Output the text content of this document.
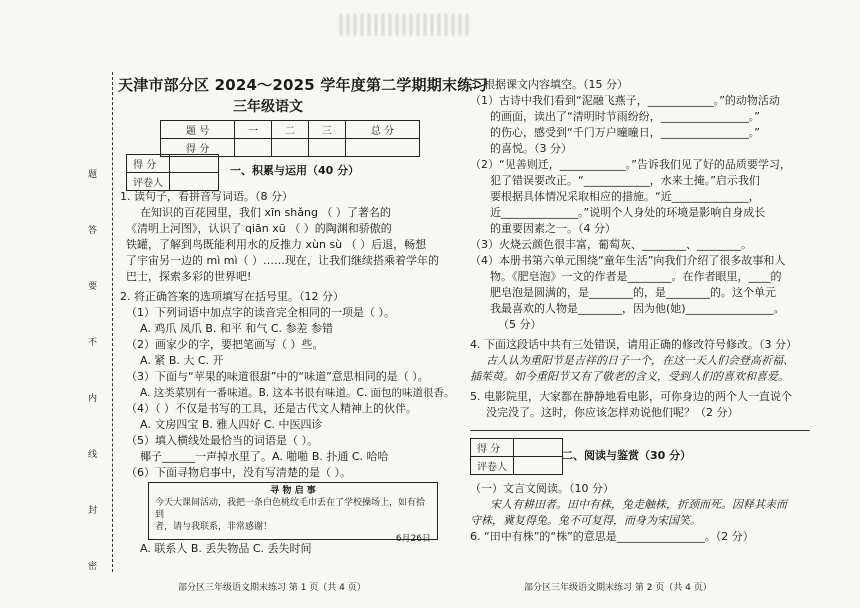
题
答
要
不
内
线
封
密
天津市部分区 2024～2025 学年度第二学期期末练习
三年级语文
题 号	一	二	三	总 分
得 分				
得 分	
评卷人	
一、积累与运用（40 分）
1. 读句子，看拼音写词语。（8 分）
在知识的百花园里，我们 xīn shǎng （ ）了著名的
《清明上河图》，认识了 qiān xū （ ）的陶渊和骄傲的
铁罐，了解到鸟既能利用水的反推力 xùn sù （ ）后退，畅想
了宇宙另一边的 mì mì（ ）……现在，让我们继续搭乘着学年的
巴士，探索多彩的世界吧!
2. 将正确答案的选项填写在括号里。（12 分）
（1）下列词语中加点字的读音完全相同的一项是（ ）。
A. 鸡爪 凤爪 B. 和平 和气 C. 参差 参错
（2）画家少的字，要把笔画写（ ）些。
A. 紧 B. 大 C. 开
（3）下面与“苹果的味道很甜”中的“味道”意思相同的是（ ）。
A. 这类菜别有一番味道。B. 这本书很有味道。C. 面包的味道很香。
（4）（ ）不仅是书写的工具，还是古代文人精神上的伙伴。
A. 文房四宝 B. 雅人四好 C. 中医四诊
（5）填入横线处最恰当的词语是（ ）。
椰子______一声掉水里了。A. 啪啪 B. 扑通 C. 哈哈
（6）下面寻物启事中，没有写清楚的是（ ）。
寻 物 启 事
今天大课间活动，我把一条白色桃纹毛巾丢在了学校操场上，如有拾到
者，请与我联系，非常感谢！
6月26日
A. 联系人 B. 丢失物品 C. 丢失时间
部分区三年级语文期末练习 第 1 页（共 4 页）
3. 根据课文内容填空。（15 分）
（1）古诗中我们看到“泥融飞燕子，____________。”的动物活动
的画面，读出了“清明时节雨纷纷，________________。”
的伤心，感受到“千门万户曈曈日，________________。”
的喜悦。（3 分）
（2）“见善则迁，____________。”告诉我们见了好的品质要学习，
犯了错误要改正。“____________，水来土掩。”启示我们
要根据具体情况采取相应的措施。“近______________，
近______________。”说明个人身处的环境是影响自身成长
的重要因素之一。（4 分）
（3）火烧云颜色很丰富，葡萄灰、________、________。
（4）本册书第六单元围绕“童年生活”向我们介绍了很多故事和人
物。《肥皂泡》一文的作者是________。在作者眼里，____的
肥皂泡是圆满的，是________的，是________的。这个单元
我最喜欢的人物是________，因为他(她)________________。
（5 分）
4. 下面这段话中共有三处错误，请用正确的修改符号修改。（3 分）
古人认为重阳节是吉祥的日子一个，在这一天人们会登高祈福、
插茱萸。如今重阳节又有了敬老的含义，受到人们的喜欢和喜爱。
5. 电影院里，大家都在静静地看电影，可你身边的两个人一直说个
没完没了。这时，你应该怎样劝说他们呢？（2 分）
得 分	
评卷人	
二、阅读与鉴赏（30 分）
（一）文言文阅读。（10 分）
宋人有耕田者。田中有株，兔走触株，折颈而死。因释其耒而
守株，冀复得兔。兔不可复得，而身为宋国笑。
6. “田中有株”的“株”的意思是________________。（2 分）
部分区三年级语文期末练习 第 2 页（共 4 页）
